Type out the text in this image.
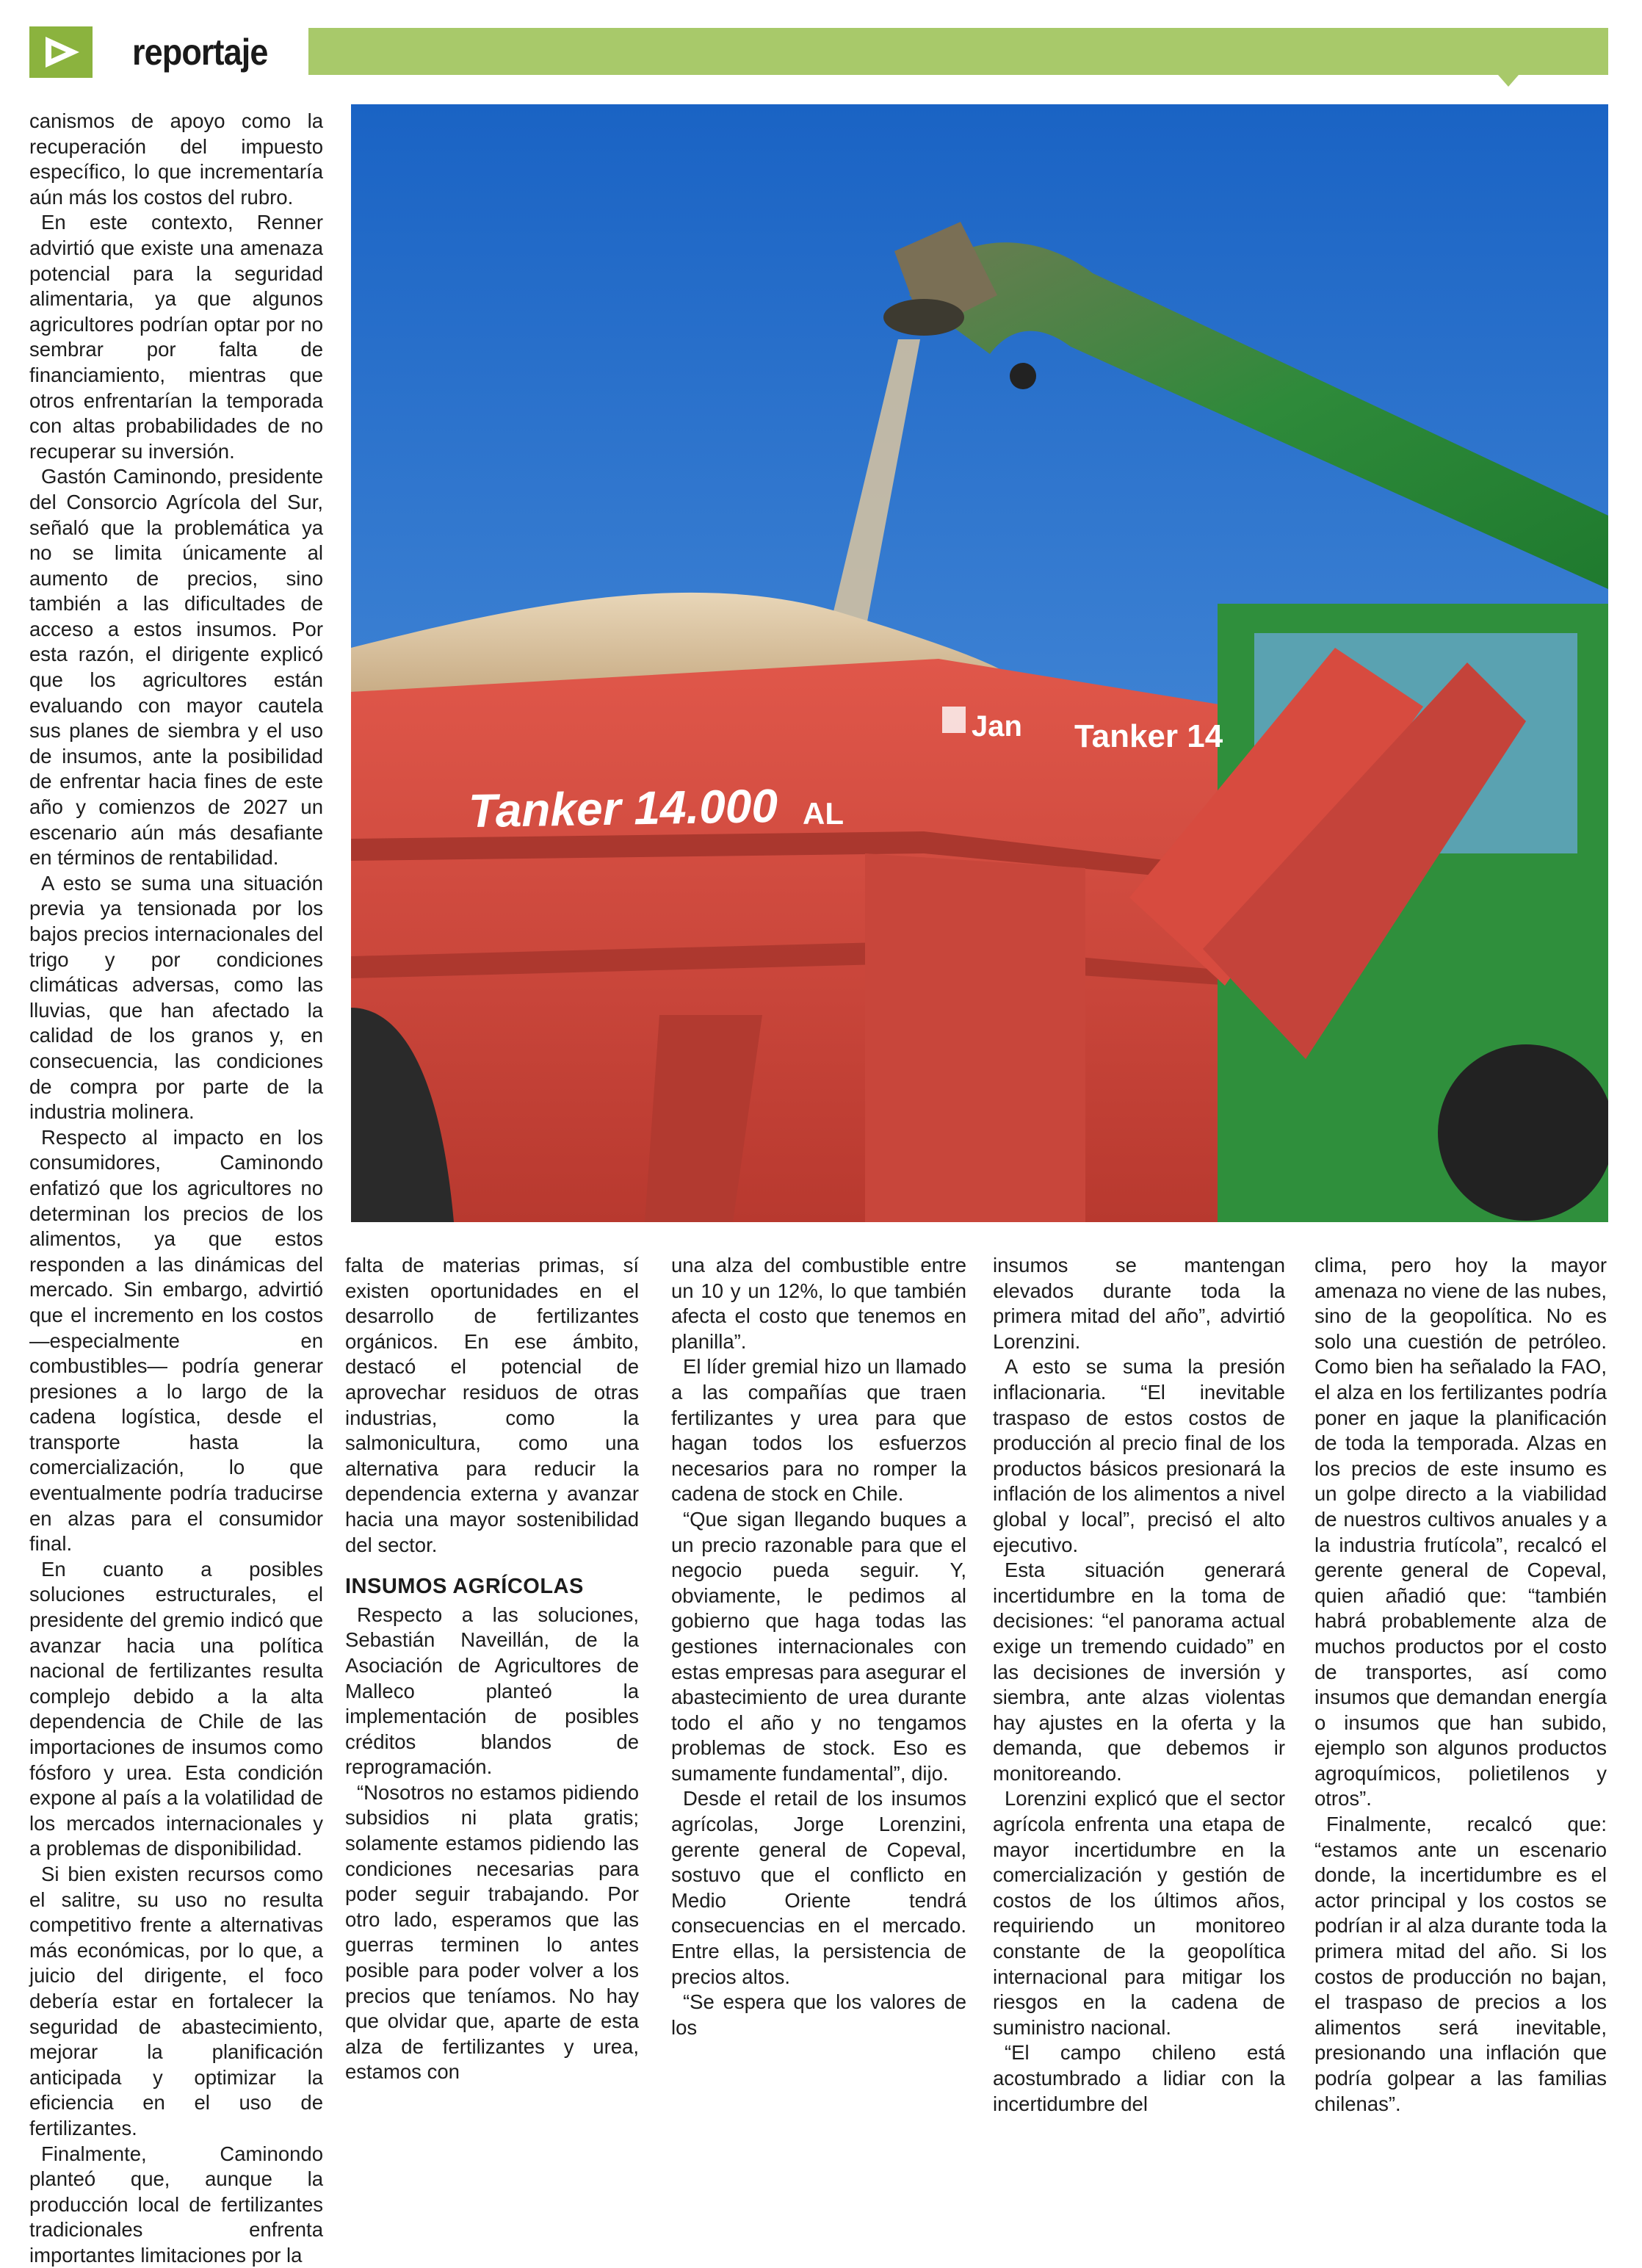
reportaje
Tanker 14.000 AL
Jan Tanker 14

canismos de apoyo como la recuperación del impuesto específico, lo que incrementaría aún más los costos del rubro.

En este contexto, Renner advirtió que existe una amenaza potencial para la seguridad alimentaria, ya que algunos agricultores podrían optar por no sembrar por falta de financiamiento, mientras que otros enfrentarían la temporada con altas probabilidades de no recuperar su inversión.

Gastón Caminondo, presidente del Consorcio Agrícola del Sur, señaló que la problemática ya no se limita únicamente al aumento de precios, sino también a las dificultades de acceso a estos insumos. Por esta razón, el dirigente explicó que los agricultores están evaluando con mayor cautela sus planes de siembra y el uso de insumos, ante la posibilidad de enfrentar hacia fines de este año y comienzos de 2027 un escenario aún más desafiante en términos de rentabilidad.

A esto se suma una situación previa ya tensionada por los bajos precios internacionales del trigo y por condiciones climáticas adversas, como las lluvias, que han afectado la calidad de los granos y, en consecuencia, las condiciones de compra por parte de la industria molinera.

Respecto al impacto en los consumidores, Caminondo enfatizó que los agricultores no determinan los precios de los alimentos, ya que estos responden a las dinámicas del mercado. Sin embargo, advirtió que el incremento en los costos —especialmente en combustibles— podría generar presiones a lo largo de la cadena logística, desde el transporte hasta la comercialización, lo que eventualmente podría traducirse en alzas para el consumidor final.

En cuanto a posibles soluciones estructurales, el presidente del gremio indicó que avanzar hacia una política nacional de fertilizantes resulta complejo debido a la alta dependencia de Chile de las importaciones de insumos como fósforo y urea. Esta condición expone al país a la volatilidad de los mercados internacionales y a problemas de disponibilidad.

Si bien existen recursos como el salitre, su uso no resulta competitivo frente a alternativas más económicas, por lo que, a juicio del dirigente, el foco debería estar en fortalecer la seguridad de abastecimiento, mejorar la planificación anticipada y optimizar la eficiencia en el uso de fertilizantes.

Finalmente, Caminondo planteó que, aunque la producción local de fertilizantes tradicionales enfrenta importantes limitaciones por la

falta de materias primas, sí existen oportunidades en el desarrollo de fertilizantes orgánicos. En ese ámbito, destacó el potencial de aprovechar residuos de otras industrias, como la salmonicultura, como una alternativa para reducir la dependencia externa y avanzar hacia una mayor sostenibilidad del sector.

INSUMOS AGRÍCOLAS

Respecto a las soluciones, Sebastián Naveillán, de la Asociación de Agricultores de Malleco planteó la implementación de posibles créditos blandos de reprogramación.

“Nosotros no estamos pidiendo subsidios ni plata gratis; solamente estamos pidiendo las condiciones necesarias para poder seguir trabajando. Por otro lado, esperamos que las guerras terminen lo antes posible para poder volver a los precios que teníamos. No hay que olvidar que, aparte de esta alza de fertilizantes y urea, estamos con

una alza del combustible entre un 10 y un 12%, lo que también afecta el costo que tenemos en planilla”.

El líder gremial hizo un llamado a las compañías que traen fertilizantes y urea para que hagan todos los esfuerzos necesarios para no romper la cadena de stock en Chile.

“Que sigan llegando buques a un precio razonable para que el negocio pueda seguir. Y, obviamente, le pedimos al gobierno que haga todas las gestiones internacionales con estas empresas para asegurar el abastecimiento de urea durante todo el año y no tengamos problemas de stock. Eso es sumamente fundamental”, dijo.

Desde el retail de los insumos agrícolas, Jorge Lorenzini, gerente general de Copeval, sostuvo que el conflicto en Medio Oriente tendrá consecuencias en el mercado. Entre ellas, la persistencia de precios altos.

“Se espera que los valores de los

insumos se mantengan elevados durante toda la primera mitad del año”, advirtió Lorenzini.

A esto se suma la presión inflacionaria. “El inevitable traspaso de estos costos de producción al precio final de los productos básicos presionará la inflación de los alimentos a nivel global y local”, precisó el alto ejecutivo.

Esta situación generará incertidumbre en la toma de decisiones: “el panorama actual exige un tremendo cuidado” en las decisiones de inversión y siembra, ante alzas violentas hay ajustes en la oferta y la demanda, que debemos ir monitoreando.

Lorenzini explicó que el sector agrícola enfrenta una etapa de mayor incertidumbre en la comercialización y gestión de costos de los últimos años, requiriendo un monitoreo constante de la geopolítica internacional para mitigar los riesgos en la cadena de suministro nacional.

“El campo chileno está acostumbrado a lidiar con la incertidumbre del

clima, pero hoy la mayor amenaza no viene de las nubes, sino de la geopolítica. No es solo una cuestión de petróleo. Como bien ha señalado la FAO, el alza en los fertilizantes podría poner en jaque la planificación de toda la temporada. Alzas en los precios de este insumo es un golpe directo a la viabilidad de nuestros cultivos anuales y a la industria frutícola”, recalcó el gerente general de Copeval, quien añadió que: “también habrá probablemente alza de muchos productos por el costo de transportes, así como insumos que demandan energía o insumos que han subido, ejemplo son algunos productos agroquímicos, polietilenos y otros”.

Finalmente, recalcó que: “estamos ante un escenario donde, la incertidumbre es el actor principal y los costos se podrían ir al alza durante toda la primera mitad del año. Si los costos de producción no bajan, el traspaso de precios a los alimentos será inevitable, presionando una inflación que podría golpear a las familias chilenas”.
